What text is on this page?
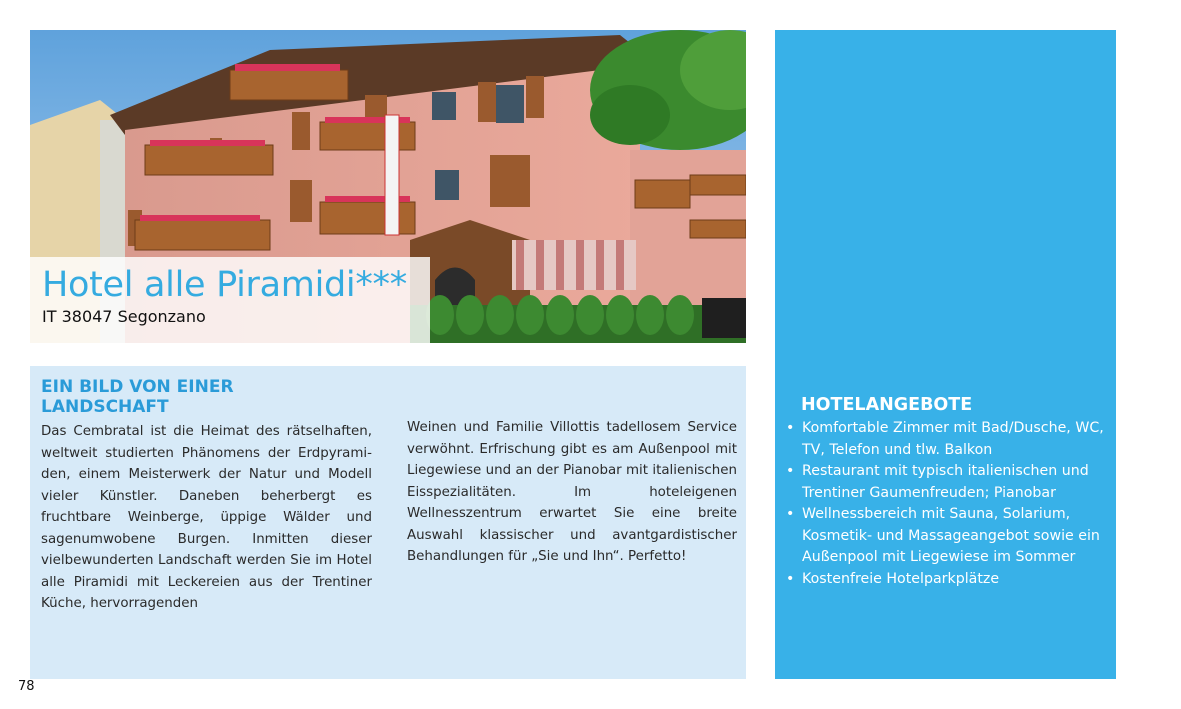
Hotel alle Piramidi***
IT 38047 Segonzano
EIN BILD VON EINER LANDSCHAFT

Das Cembratal ist die Heimat des rätselhaften, weltweit studierten Phänomens der Erdpyramiden, einem Meisterwerk der Natur und Modell vieler Künstler. Daneben beherbergt es fruchtbare Weinberge, üppige Wälder und sagenumwobene Burgen. Inmitten dieser vielbewunderten Landschaft werden Sie im Hotel alle Piramidi mit Leckereien aus der Trentiner Küche, hervorragenden

Weinen und Familie Villottis tadellosem Service verwöhnt. Erfrischung gibt es am Außenpool mit Liegewiese und an der Pianobar mit italienischen Eisspezialitäten. Im hoteleigenen Wellnesszentrum erwartet Sie eine breite Auswahl klassischer und avantgardistischer Behandlungen für „Sie und Ihn“. Perfetto!

HOTELANGEBOTE
• Komfortable Zimmer mit Bad/Dusche, WC, TV, Telefon und tlw. Balkon
• Restaurant mit typisch italienischen und Trentiner Gaumenfreuden; Pianobar
• Wellnessbereich mit Sauna, Solarium, Kosmetik- und Massageangebot sowie ein Außenpool mit Liegewiese im Sommer
• Kostenfreie Hotelparkplätze
78
